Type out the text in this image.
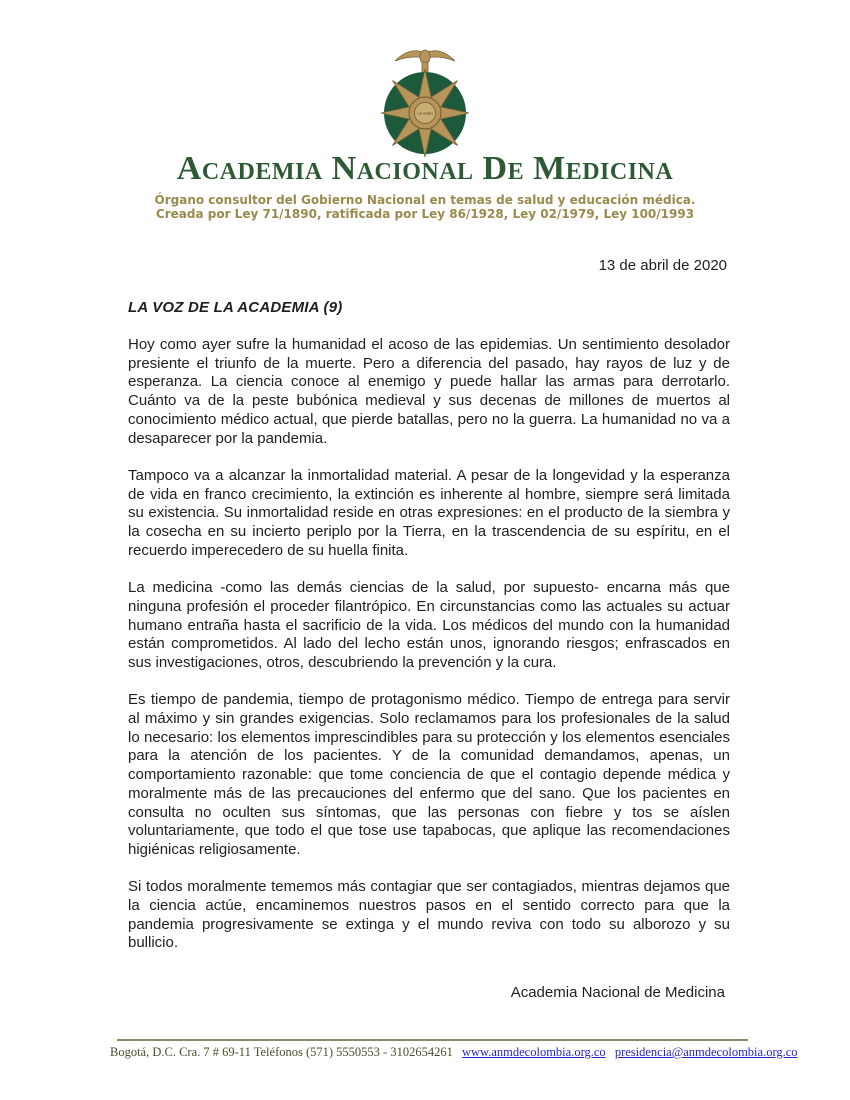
COLOMBIA
Academia Nacional De Medicina
Órgano consultor del Gobierno Nacional en temas de salud y educación médica.
Creada por Ley 71/1890, ratificada por Ley 86/1928, Ley 02/1979, Ley 100/1993
13 de abril de 2020
LA VOZ DE LA ACADEMIA (9)

Hoy como ayer sufre la humanidad el acoso de las epidemias. Un sentimiento desolador presiente el triunfo de la muerte. Pero a diferencia del pasado, hay rayos de luz y de esperanza. La ciencia conoce al enemigo y puede hallar las armas para derrotarlo. Cuánto va de la peste bubónica medieval y sus decenas de millones de muertos al conocimiento médico actual, que pierde batallas, pero no la guerra. La humanidad no va a desaparecer por la pandemia.

Tampoco va a alcanzar la inmortalidad material. A pesar de la longevidad y la esperanza de vida en franco crecimiento, la extinción es inherente al hombre, siempre será limitada su existencia. Su inmortalidad reside en otras expresiones: en el producto de la siembra y la cosecha en su incierto periplo por la Tierra, en la trascendencia de su espíritu, en el recuerdo imperecedero de su huella finita.

La medicina -como las demás ciencias de la salud, por supuesto- encarna más que ninguna profesión el proceder filantrópico. En circunstancias como las actuales su actuar humano entraña hasta el sacrificio de la vida. Los médicos del mundo con la humanidad están comprometidos. Al lado del lecho están unos, ignorando riesgos; enfrascados en sus investigaciones, otros, descubriendo la prevención y la cura.

Es tiempo de pandemia, tiempo de protagonismo médico. Tiempo de entrega para servir al máximo y sin grandes exigencias. Solo reclamamos para los profesionales de la salud lo necesario: los elementos imprescindibles para su protección y los elementos esenciales para la atención de los pacientes. Y de la comunidad demandamos, apenas, un comportamiento razonable: que tome conciencia de que el contagio depende médica y moralmente más de las precauciones del enfermo que del sano. Que los pacientes en consulta no oculten sus síntomas, que las personas con fiebre y tos se aíslen voluntariamente, que todo el que tose use tapabocas, que aplique las recomendaciones higiénicas religiosamente.

Si todos moralmente tememos más contagiar que ser contagiados, mientras dejamos que la ciencia actúe, encaminemos nuestros pasos en el sentido correcto para que la pandemia progresivamente se extinga y el mundo reviva con todo su alborozo y su bullicio.

Academia Nacional de Medicina
Bogotá, D.C. Cra. 7 # 69-11 Teléfonos (571) 5550553 - 3102654261 www.anmdecolombia.org.co presidencia@anmdecolombia.org.co
